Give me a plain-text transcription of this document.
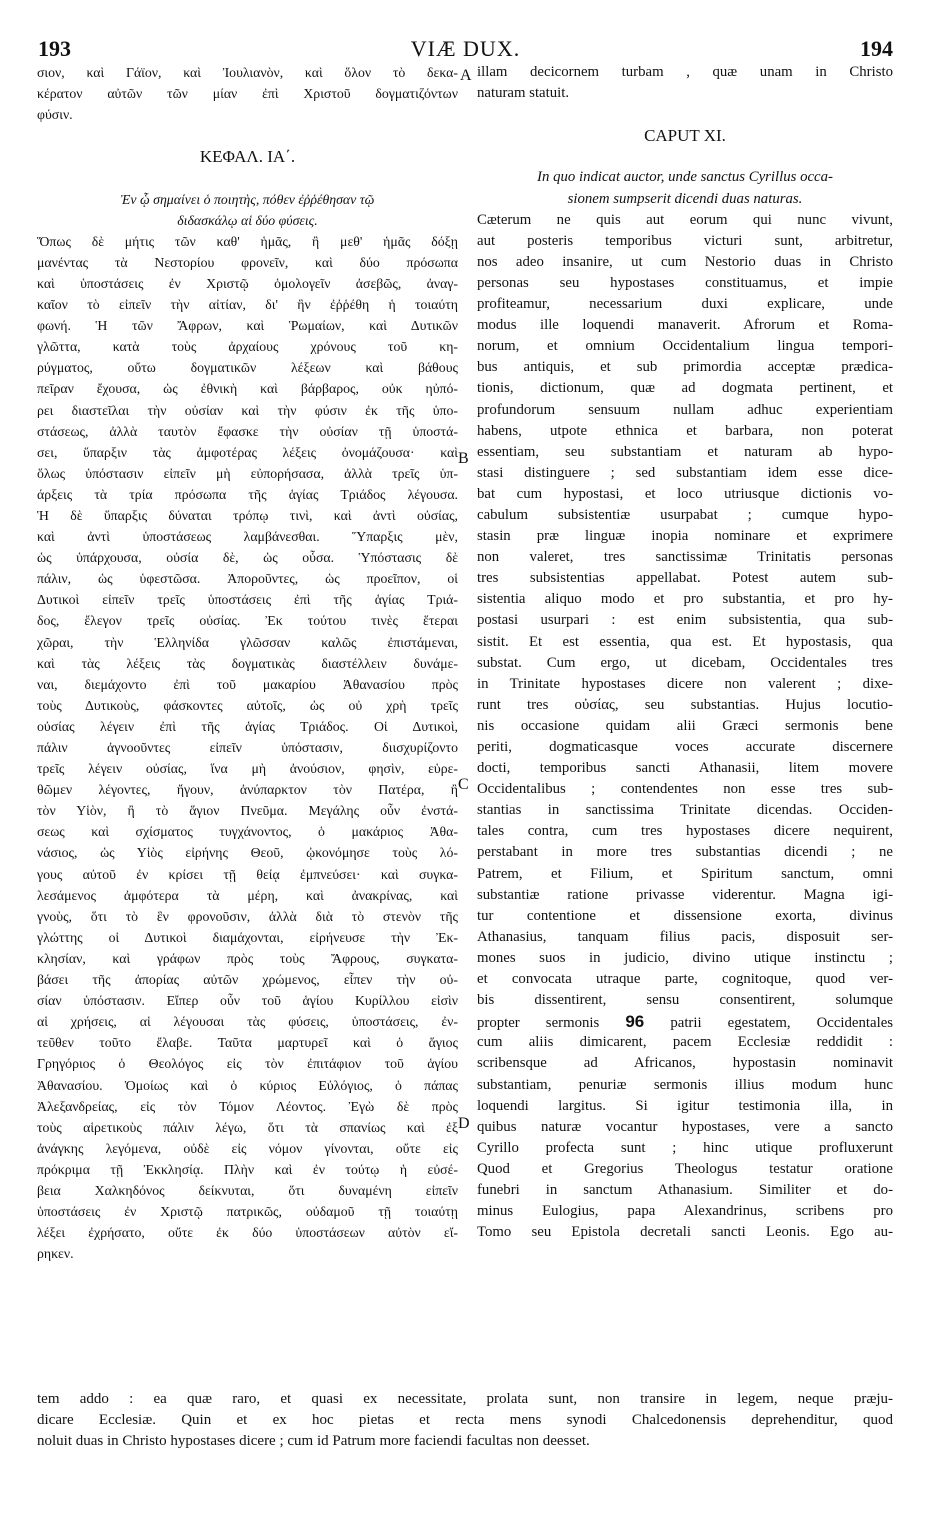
193	VIÆ DUX.	194
σιον, καὶ Γάϊον, καὶ Ἰουλιανὸν, καὶ ὅλον τὸ δεκα-
κέρατον αὐτῶν τῶν μίαν ἐπὶ Χριστοῦ δογματιζόντων
φύσιν.
ΚΕΦΑΛ. ΙΑ΄.
Ἐν ᾧ σημαίνει ὁ ποιητὴς, πόθεν ἐῤῥέθησαν τῷ
διδασκάλῳ αἱ δύο φύσεις.
Ὅπως δὲ μήτις τῶν καθ' ἡμᾶς, ἢ μεθ' ἡμᾶς δόξῃ
μανέντας τὰ Νεστορίου φρονεῖν, καὶ δύο πρόσωπα
καὶ ὑποστάσεις ἐν Χριστῷ ὁμολογεῖν ἀσεβῶς, ἀναγ-
καῖον τὸ εἰπεῖν τὴν αἰτίαν, δι' ἣν ἐῤῥέθη ἡ τοιαύτη
φωνή. Ἡ τῶν Ἄφρων, καὶ Ῥωμαίων, καὶ Δυτικῶν
γλῶττα, κατὰ τοὺς ἀρχαίους χρόνους τοῦ κη-
ρύγματος, οὔτω δογματικῶν λέξεων καὶ βάθους
πεῖραν ἔχουσα, ὡς ἐθνικὴ καὶ βάρβαρος, οὐκ ηὐπό-
ρει διαστεῖλαι τὴν οὐσίαν καὶ τὴν φύσιν ἐκ τῆς ὑπο-
στάσεως, ἀλλὰ ταυτὸν ἔφασκε τὴν οὐσίαν τῇ ὑποστά-
σει, ὕπαρξιν τὰς ἀμφοτέρας λέξεις ὀνομάζουσα· καὶ
ὅλως ὑπόστασιν εἰπεῖν μὴ εὐπορήσασα, ἀλλὰ τρεῖς ὑπ-
άρξεις τὰ τρία πρόσωπα τῆς ἁγίας Τριάδος λέγουσα.
Ἡ δὲ ὕπαρξις δύναται τρόπῳ τινὶ, καὶ ἀντὶ οὐσίας,
καὶ ἀντὶ ὑποστάσεως λαμβάνεσθαι. Ὕπαρξις μὲν,
ὡς ὑπάρχουσα, οὐσία δὲ, ὡς οὖσα. Ὑπόστασις δὲ
πάλιν, ὡς ὑφεστῶσα. Ἀποροῦντες, ὡς προεῖπον, οἱ
Δυτικοὶ εἰπεῖν τρεῖς ὑποστάσεις ἐπὶ τῆς ἁγίας Τριά-
δος, ἔλεγον τρεῖς οὐσίας. Ἐκ τούτου τινὲς ἕτεραι
χῶραι, τὴν Ἑλληνίδα γλῶσσαν καλῶς ἐπιστάμεναι,
καὶ τὰς λέξεις τὰς δογματικὰς διαστέλλειν δυνάμε-
ναι, διεμάχοντο ἐπὶ τοῦ μακαρίου Ἀθανασίου πρὸς
τοὺς Δυτικοὺς, φάσκοντες αὐτοῖς, ὡς οὐ χρὴ τρεῖς
οὐσίας λέγειν ἐπὶ τῆς ἁγίας Τριάδος. Οἱ Δυτικοὶ,
πάλιν ἀγνοοῦντες εἰπεῖν ὑπόστασιν, διισχυρίζοντο
τρεῖς λέγειν οὐσίας, ἵνα μὴ ἀνούσιον, φησὶν, εὑρε-
θῶμεν λέγοντες, ἤγουν, ἀνύπαρκτον τὸν Πατέρα, ἢ
τὸν Υἱὸν, ἢ τὸ ἅγιον Πνεῦμα. Μεγάλης οὖν ἐνστά-
σεως καὶ σχίσματος τυγχάνοντος, ὁ μακάριος Ἀθα-
νάσιος, ὡς Υἱὸς εἰρήνης Θεοῦ, ᾠκονόμησε τοὺς λό-
γους αὐτοῦ ἐν κρίσει τῇ θείᾳ ἐμπνεύσει· καὶ συγκα-
λεσάμενος ἀμφότερα τὰ μέρη, καὶ ἀνακρίνας, καὶ
γνοὺς, ὅτι τὸ ἓν φρονοῦσιν, ἀλλὰ διὰ τὸ στενὸν τῆς
γλώττης οἱ Δυτικοὶ διαμάχονται, εἰρήνευσε τὴν Ἐκ-
κλησίαν, καὶ γράφων πρὸς τοὺς Ἄφρους, συγκατα-
βάσει τῆς ἀπορίας αὐτῶν χρώμενος, εἶπεν τὴν οὐ-
σίαν ὑπόστασιν. Εἴπερ οὖν τοῦ ἁγίου Κυρίλλου εἰσὶν
αἱ χρήσεις, αἱ λέγουσαι τὰς φύσεις, ὑποστάσεις, ἐν-
τεῦθεν τοῦτο ἔλαβε. Ταῦτα μαρτυρεῖ καὶ ὁ ἅγιος
Γρηγόριος ὁ Θεολόγος εἰς τὸν ἐπιτάφιον τοῦ ἁγίου
Ἀθανασίου. Ὁμοίως καὶ ὁ κύριος Εὐλόγιος, ὁ πάπας
Ἀλεξανδρείας, εἰς τὸν Τόμον Λέοντος. Ἐγὼ δὲ πρὸς
τοὺς αἱρετικοὺς πάλιν λέγω, ὅτι τὰ σπανίως καὶ ἐξ
ἀνάγκης λεγόμενα, οὐδὲ εἰς νόμον γίνονται, οὔτε εἰς
πρόκριμα τῇ Ἐκκλησίᾳ. Πλὴν καὶ ἐν τούτῳ ἡ εὐσέ-
βεια Χαλκηδόνος δείκνυται, ὅτι δυναμένη εἰπεῖν
ὑποστάσεις ἐν Χριστῷ πατρικῶς, οὐδαμοῦ τῇ τοιαύτῃ
λέξει ἐχρήσατο, οὔτε ἐκ δύο ὑποστάσεων αὐτὸν εἴ-
ρηκεν.
illam decicornem turbam , quæ unam in Christo
naturam statuit.
CAPUT XI.
In quo indicat auctor, unde sanctus Cyrillus occa-
sionem sumpserit dicendi duas naturas.
Cæterum ne quis aut eorum qui nunc vivunt,
aut posteris temporibus victuri sunt, arbitretur,
nos adeo insanire, ut cum Nestorio duas in Christo
personas seu hypostases constituamus, et impie
profiteamur, necessarium duxi explicare, unde
modus ille loquendi manaverit. Afrorum et Roma-
norum, et omnium Occidentalium lingua tempori-
bus antiquis, et sub primordia acceptæ prædica-
tionis, dictionum, quæ ad dogmata pertinent, et
profundorum sensuum nullam adhuc experientiam
habens, utpote ethnica et barbara, non poterat
essentiam, seu substantiam et naturam ab hypo-
stasi distinguere ; sed substantiam idem esse dice-
bat cum hypostasi, et loco utriusque dictionis vo-
cabulum subsistentiæ usurpabat ; cumque hypo-
stasin præ linguæ inopia nominare et exprimere
non valeret, tres sanctissimæ Trinitatis personas
tres subsistentias appellabat. Potest autem sub-
sistentia aliquo modo et pro substantia, et pro hy-
postasi usurpari : est enim subsistentia, qua sub-
sistit. Et est essentia, qua est. Et hypostasis, qua
substat. Cum ergo, ut dicebam, Occidentales tres
in Trinitate hypostases dicere non valerent ; dixe-
runt tres οὐσίας, seu substantias. Hujus locutio-
nis occasione quidam alii Græci sermonis bene
periti, dogmaticasque voces accurate discernere
docti, temporibus sancti Athanasii, litem movere
Occidentalibus ; contendentes non esse tres sub-
stantias in sanctissima Trinitate dicendas. Occiden-
tales contra, cum tres hypostases dicere nequirent,
perstabant in more tres substantias dicendi ; ne
Patrem, et Filium, et Spiritum sanctum, omni
substantiæ ratione privasse viderentur. Magna igi-
tur contentione et dissensione exorta, divinus
Athanasius, tanquam filius pacis, disposuit ser-
mones suos in judicio, divino utique instinctu ;
et convocata utraque parte, cognitoque, quod ver-
bis dissentirent, sensu consentirent, solumque
propter sermonis 96 patrii egestatem, Occidentales
cum aliis dimicarent, pacem Ecclesiæ reddidit :
scribensque ad Africanos, hypostasin nominavit
substantiam, penuriæ sermonis illius modum hunc
loquendi largitus. Si igitur testimonia illa, in
quibus naturæ vocantur hypostases, vere a sancto
Cyrillo profecta sunt ; hinc utique profluxerunt
Quod et Gregorius Theologus testatur oratione
funebri in sanctum Athanasium. Similiter et do-
minus Eulogius, papa Alexandrinus, scribens pro
Tomo seu Epistola decretali sancti Leonis. Ego au-
A
B
C
D
tem addo : ea quæ raro, et quasi ex necessitate, prolata sunt, non transire in legem, neque præju-
dicare Ecclesiæ. Quin et ex hoc pietas et recta mens synodi Chalcedonensis deprehenditur, quod
noluit duas in Christo hypostases dicere ; cum id Patrum more faciendi facultas non deesset.
